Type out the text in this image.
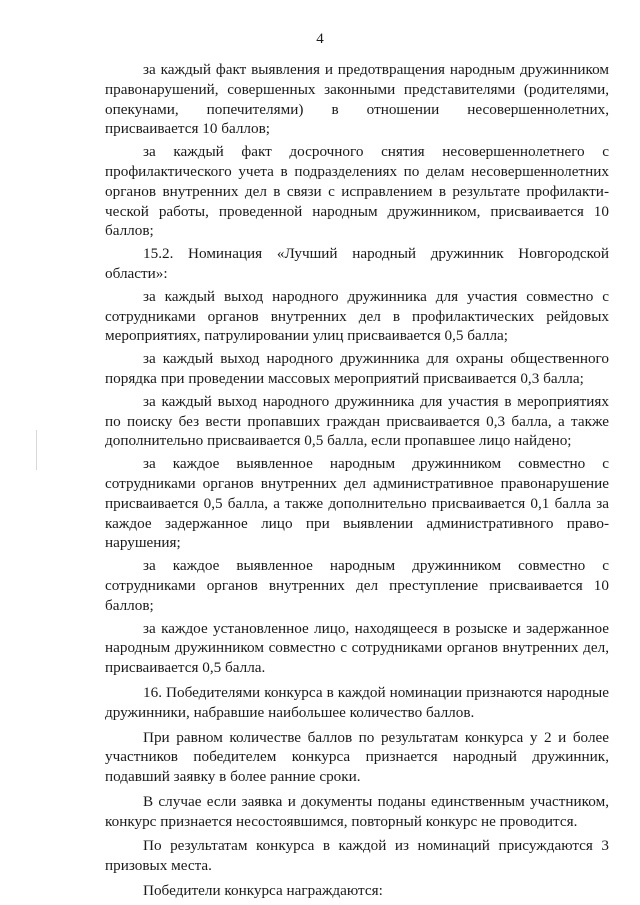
4

за каждый факт выявления и предотвращения народным дружинником правонарушений, совершенных законными представителями (родителями, опекунами, попечителями) в отношении несовершеннолетних, присваивается 10 баллов;

за каждый факт досрочного снятия несовершеннолетнего с профилактического учета в подразделениях по делам несовершеннолетних органов внутренних дел в связи с исправлением в результате профилактической работы, проведенной народным дружинником, присваивается 10 баллов;

15.2. Номинация «Лучший народный дружинник Новгородской области»:

за каждый выход народного дружинника для участия совместно с сотрудниками органов внутренних дел в профилактических рейдовых мероприятиях, патрулировании улиц присваивается 0,5 балла;

за каждый выход народного дружинника для охраны общественного порядка при проведении массовых мероприятий присваивается 0,3 балла;

за каждый выход народного дружинника для участия в мероприятиях по поиску без вести пропавших граждан присваивается 0,3 балла, а также дополнительно присваивается 0,5 балла, если пропавшее лицо найдено;

за каждое выявленное народным дружинником совместно с сотрудниками органов внутренних дел административное правонарушение присваивается 0,5 балла, а также дополнительно присваивается 0,1 балла за каждое задержанное лицо при выявлении административного правонарушения;

за каждое выявленное народным дружинником совместно с сотрудниками органов внутренних дел преступление присваивается 10 баллов;

за каждое установленное лицо, находящееся в розыске и задержанное народным дружинником совместно с сотрудниками органов внутренних дел, присваивается 0,5 балла.

16. Победителями конкурса в каждой номинации признаются народные дружинники, набравшие наибольшее количество баллов.

При равном количестве баллов по результатам конкурса у 2 и более участников победителем конкурса признается народный дружинник, подавший заявку в более ранние сроки.

В случае если заявка и документы поданы единственным участником, конкурс признается несостоявшимся, повторный конкурс не проводится.

По результатам конкурса в каждой из номинаций присуждаются 3 призовых места.

Победители конкурса награждаются:
